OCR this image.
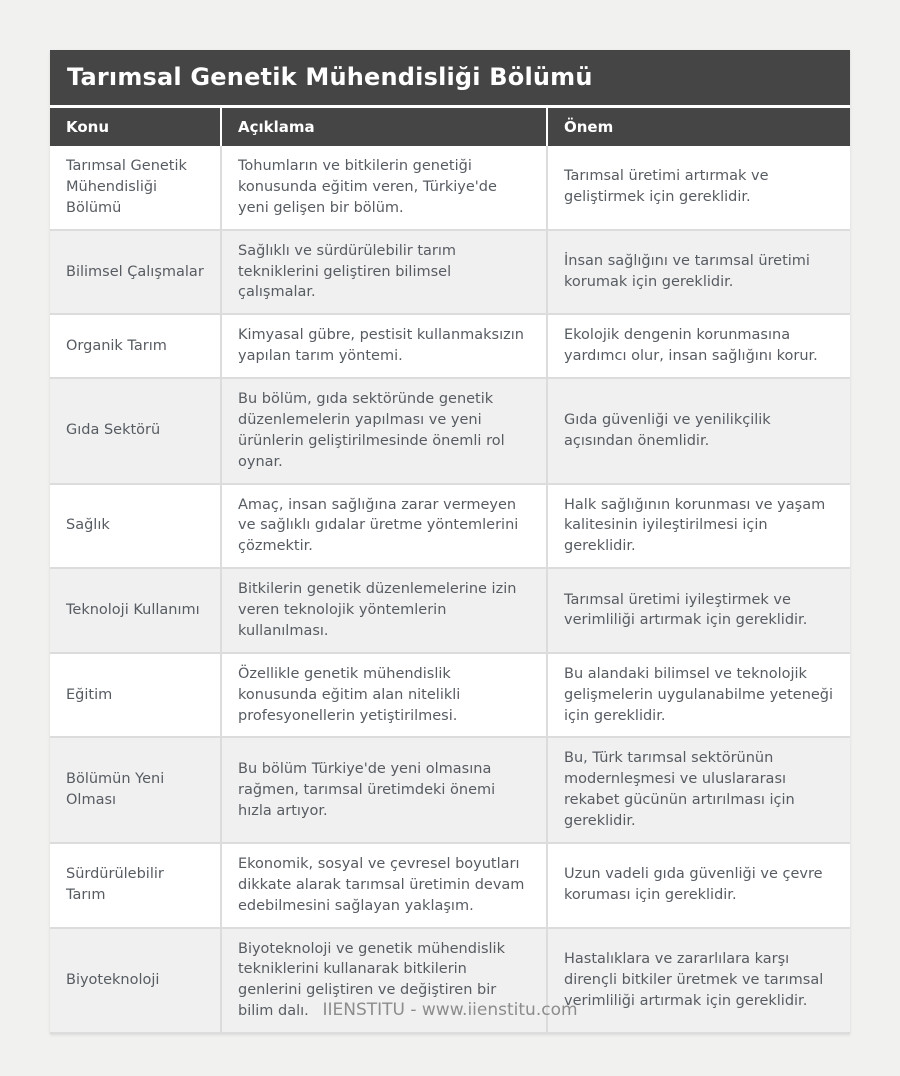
Tarımsal Genetik Mühendisliği Bölümü
Konu	Açıklama	Önem
Tarımsal Genetik Mühendisliği Bölümü	Tohumların ve bitkilerin genetiği konusunda eğitim veren, Türkiye'de yeni gelişen bir bölüm.	Tarımsal üretimi artırmak ve geliştirmek için gereklidir.
Bilimsel Çalışmalar	Sağlıklı ve sürdürülebilir tarım tekniklerini geliştiren bilimsel çalışmalar.	İnsan sağlığını ve tarımsal üretimi korumak için gereklidir.
Organik Tarım	Kimyasal gübre, pestisit kullanmaksızın yapılan tarım yöntemi.	Ekolojik dengenin korunmasına yardımcı olur, insan sağlığını korur.
Gıda Sektörü	Bu bölüm, gıda sektöründe genetik düzenlemelerin yapılması ve yeni ürünlerin geliştirilmesinde önemli rol oynar.	Gıda güvenliği ve yenilikçilik açısından önemlidir.
Sağlık	Amaç, insan sağlığına zarar vermeyen ve sağlıklı gıdalar üretme yöntemlerini çözmektir.	Halk sağlığının korunması ve yaşam kalitesinin iyileştirilmesi için gereklidir.
Teknoloji Kullanımı	Bitkilerin genetik düzenlemelerine izin veren teknolojik yöntemlerin kullanılması.	Tarımsal üretimi iyileştirmek ve verimliliği artırmak için gereklidir.
Eğitim	Özellikle genetik mühendislik konusunda eğitim alan nitelikli profesyonellerin yetiştirilmesi.	Bu alandaki bilimsel ve teknolojik gelişmelerin uygulanabilme yeteneği için gereklidir.
Bölümün Yeni Olması	Bu bölüm Türkiye'de yeni olmasına rağmen, tarımsal üretimdeki önemi hızla artıyor.	Bu, Türk tarımsal sektörünün modernleşmesi ve uluslararası rekabet gücünün artırılması için gereklidir.
Sürdürülebilir Tarım	Ekonomik, sosyal ve çevresel boyutları dikkate alarak tarımsal üretimin devam edebilmesini sağlayan yaklaşım.	Uzun vadeli gıda güvenliği ve çevre koruması için gereklidir.
Biyoteknoloji	Biyoteknoloji ve genetik mühendislik tekniklerini kullanarak bitkilerin genlerini geliştiren ve değiştiren bir bilim dalı.	Hastalıklara ve zararlılara karşı dirençli bitkiler üretmek ve tarımsal verimliliği artırmak için gereklidir.
IIENSTITU - www.iienstitu.com
